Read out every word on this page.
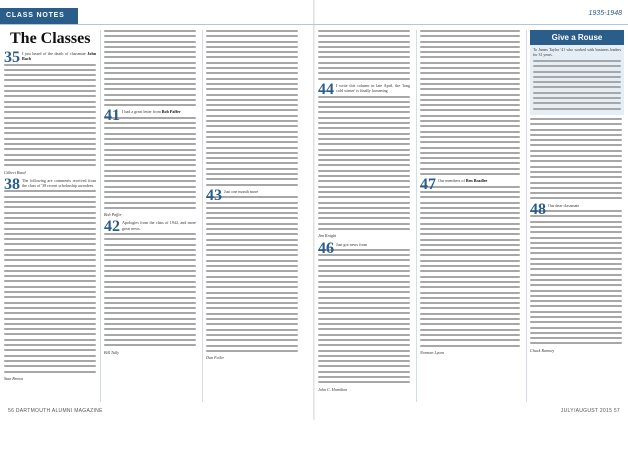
CLASS NOTES	1935-1948
The Classes
35 I just heard of the death of classmate John Bach
Gilbert Rand
38 The following are comments received from the class of '38 recent scholarship awardees.
Stan Brown
41 I had a great letter from Bob Paffer
Bob Paffer
42 Apologies from the class of 1942, and more great news.
Bill Tully
43 Just one month more
Dan Feiler
44 I write this column in late April, the 'long cold winter' is finally loosening
Jim Knight
46 Just got news from
John C. Hamilton
47 Our members of Ben Bradlee
Norman Lyons
Give a Rouse
To James Taylor '41 who worked with business leaders for 31 years.
48 Our dear classmate
Chuck Ramsey
56 DARTMOUTH ALUMNI MAGAZINE	JULY/AUGUST 2015 57
